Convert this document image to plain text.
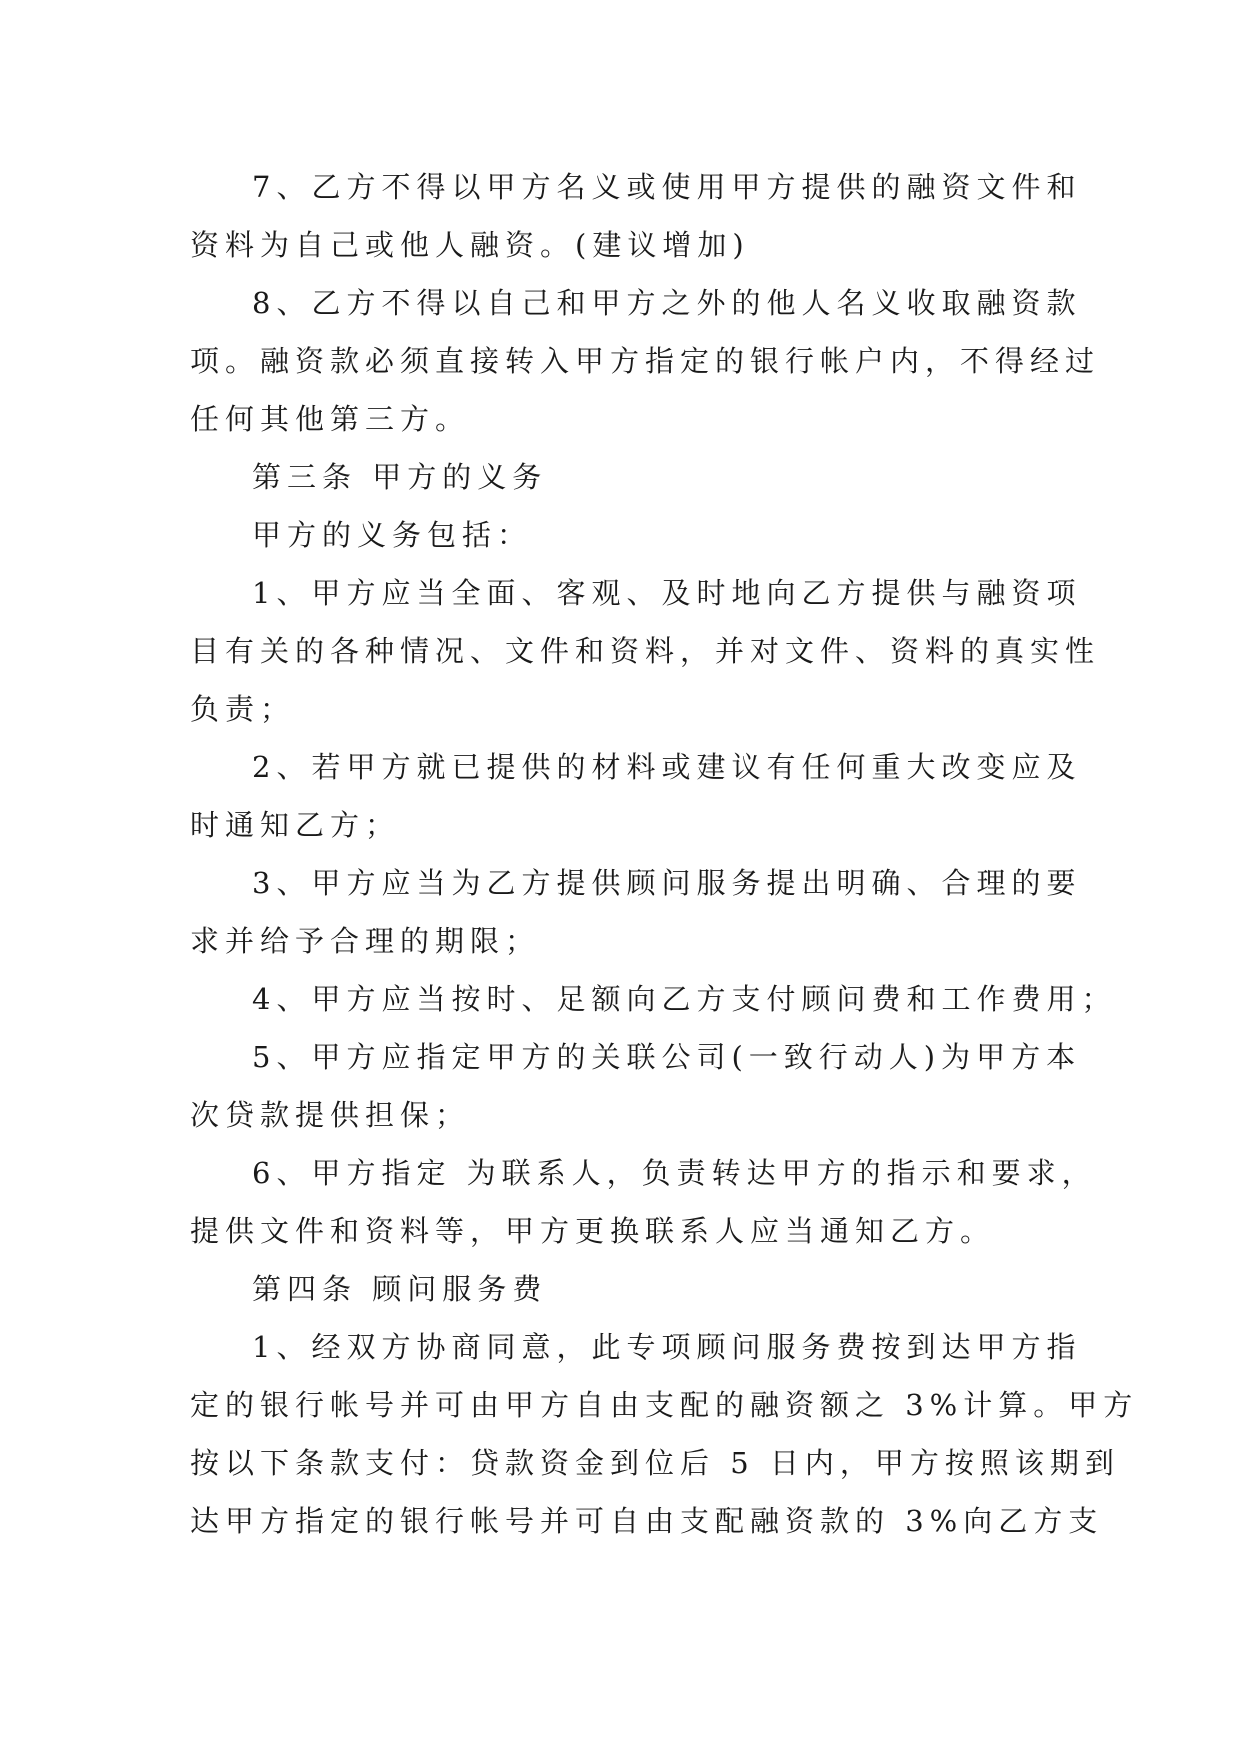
7、乙方不得以甲方名义或使用甲方提供的融资文件和
资料为自己或他人融资。(建议增加)
8、乙方不得以自己和甲方之外的他人名义收取融资款
项。融资款必须直接转入甲方指定的银行帐户内，不得经过
任何其他第三方。
第三条 甲方的义务
甲方的义务包括：
1、甲方应当全面、客观、及时地向乙方提供与融资项
目有关的各种情况、文件和资料，并对文件、资料的真实性
负责；
2、若甲方就已提供的材料或建议有任何重大改变应及
时通知乙方；
3、甲方应当为乙方提供顾问服务提出明确、合理的要
求并给予合理的期限；
4、甲方应当按时、足额向乙方支付顾问费和工作费用；
5、甲方应指定甲方的关联公司(一致行动人)为甲方本
次贷款提供担保；
6、甲方指定 为联系人，负责转达甲方的指示和要求，
提供文件和资料等，甲方更换联系人应当通知乙方。
第四条 顾问服务费
1、经双方协商同意，此专项顾问服务费按到达甲方指
定的银行帐号并可由甲方自由支配的融资额之 3%计算。甲方
按以下条款支付：贷款资金到位后 5 日内，甲方按照该期到
达甲方指定的银行帐号并可自由支配融资款的 3%向乙方支
